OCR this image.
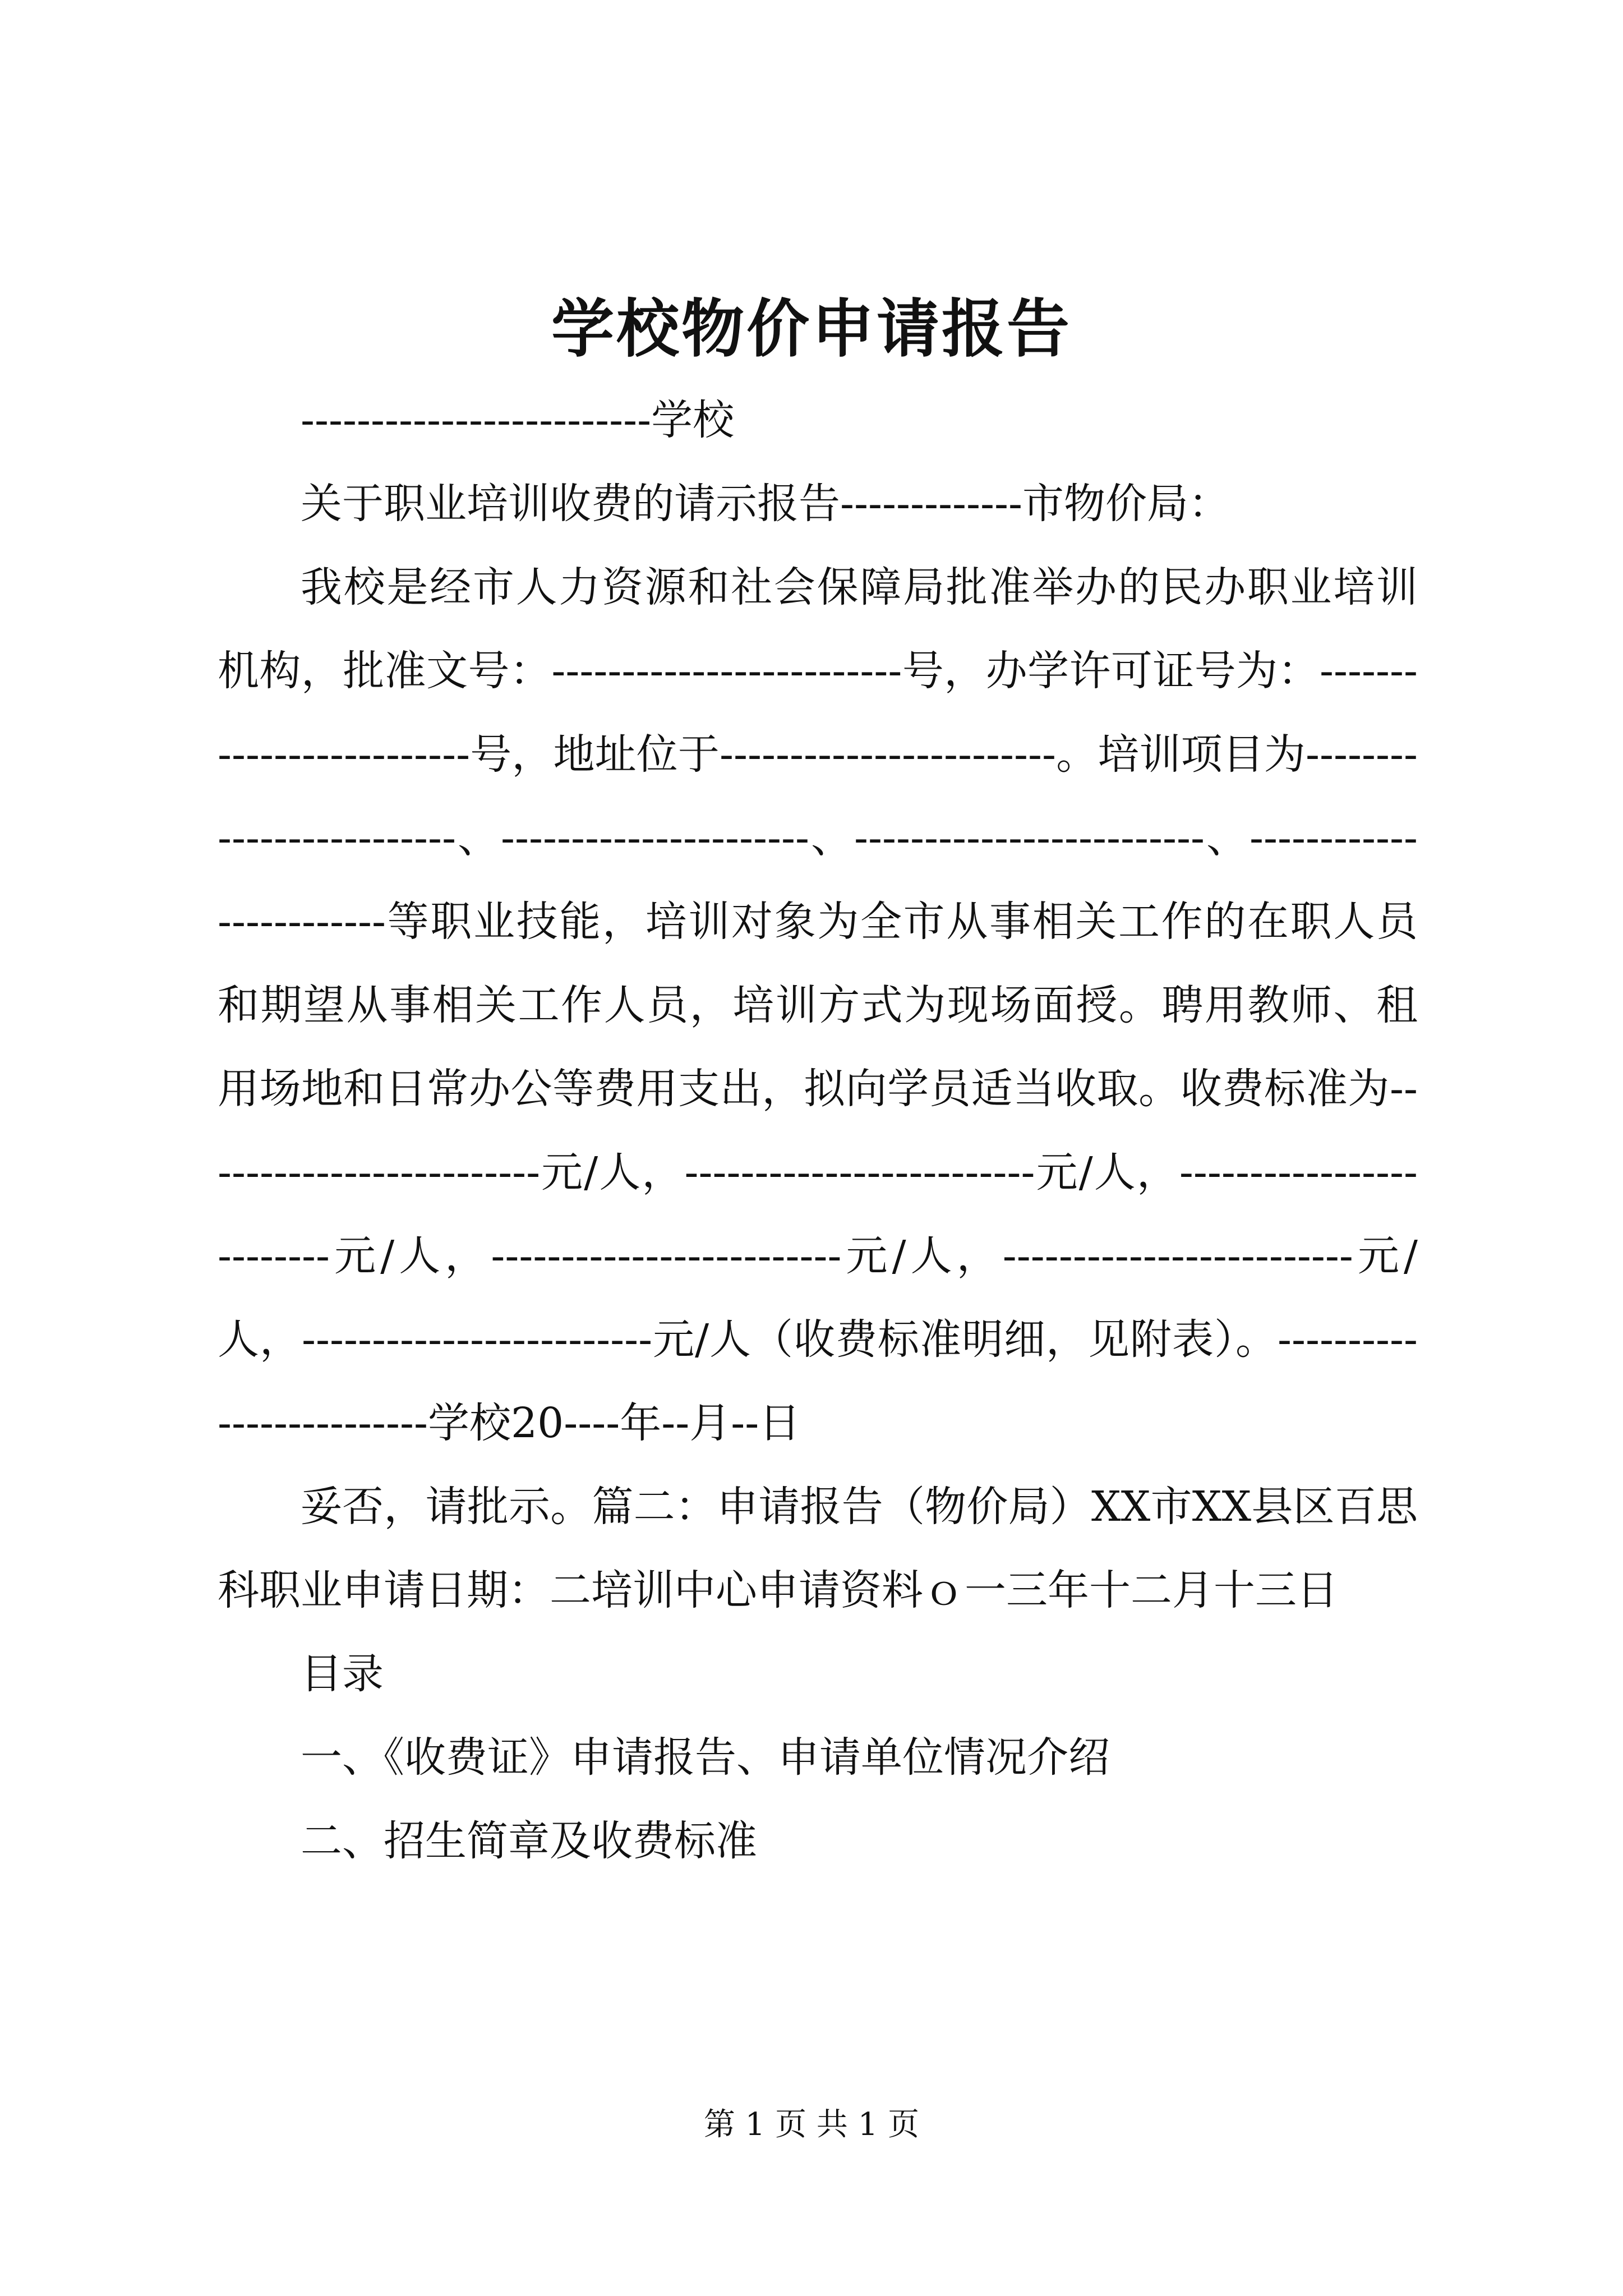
学校物价申请报告

-------------------------学校

关于职业培训收费的请示报告-------------市物价局：

我校是经市人力资源和社会保障局批准举办的民办职业培训机构，批准文号：-------------------------号，办学许可证号为：-------------------------号，地址位于------------------------。培训项目为-------------------------、----------------------、-------------------------、------------------------等职业技能，培训对象为全市从事相关工作的在职人员和期望从事相关工作人员，培训方式为现场面授。聘用教师、租用场地和日常办公等费用支出，拟向学员适当收取。收费标准为-------------------------元/人，-------------------------元/人，-------------------------元/人，-------------------------元/人，-------------------------元/人，-------------------------元/人（收费标准明细，见附表）。-------------------------学校20----年--月--日

妥否，请批示。篇二：申请报告（物价局）XX市XX县区百思科职业申请日期：二培训中心申请资料ｏ一三年十二月十三日

目录

一、《收费证》申请报告、申请单位情况介绍

二、招生简章及收费标准

第 1 页 共 1 页
